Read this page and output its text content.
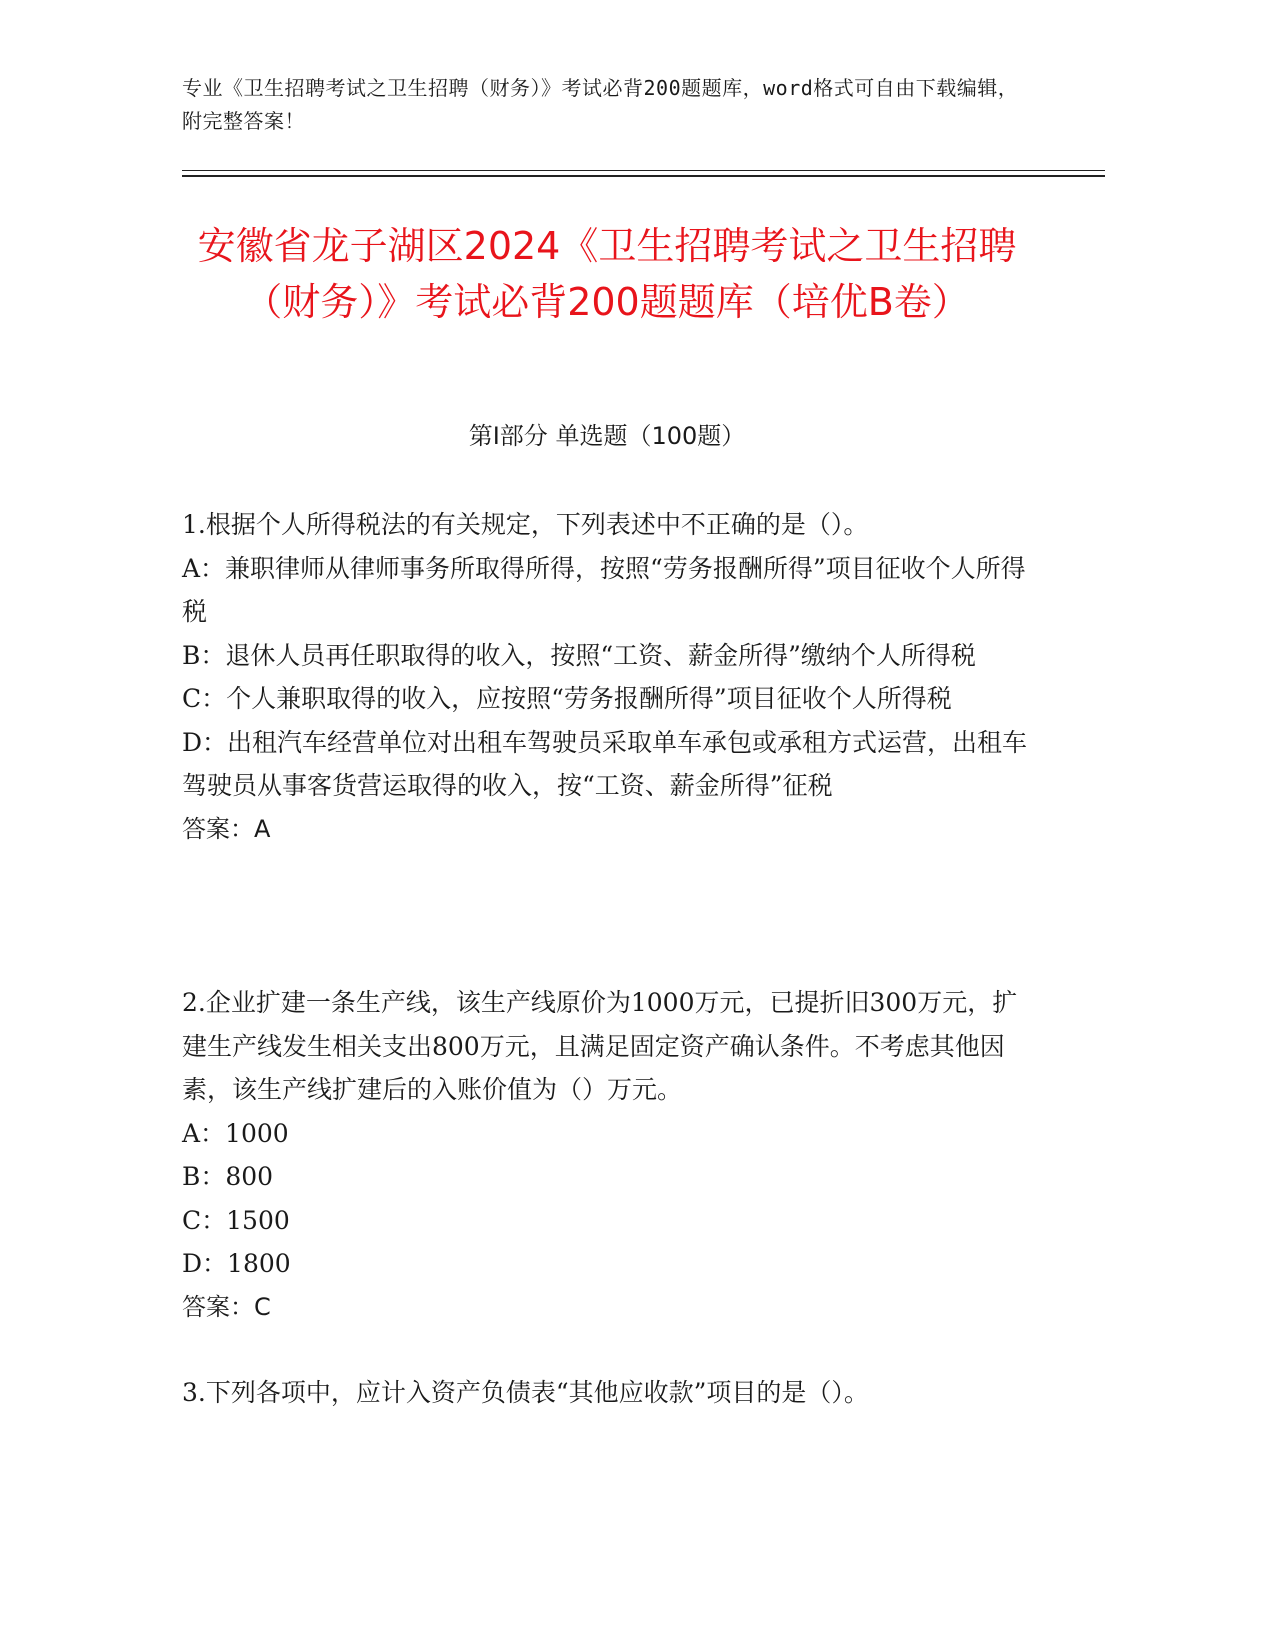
专业《卫生招聘考试之卫生招聘（财务）》考试必背200题题库，word格式可自由下载编辑，附完整答案！
安徽省龙子湖区2024《卫生招聘考试之卫生招聘（财务）》考试必背200题题库（培优B卷）
第Ⅰ部分 单选题（100题）

1.根据个人所得税法的有关规定，下列表述中不正确的是（）。

A：兼职律师从律师事务所取得所得，按照“劳务报酬所得”项目征收个人所得税

B：退休人员再任职取得的收入，按照“工资、薪金所得”缴纳个人所得税

C：个人兼职取得的收入，应按照“劳务报酬所得”项目征收个人所得税

D：出租汽车经营单位对出租车驾驶员采取单车承包或承租方式运营，出租车驾驶员从事客货营运取得的收入，按“工资、薪金所得”征税

答案：A

2.企业扩建一条生产线，该生产线原价为1000万元，已提折旧300万元，扩建生产线发生相关支出800万元，且满足固定资产确认条件。不考虑其他因素，该生产线扩建后的入账价值为（）万元。

A：1000

B：800

C：1500

D：1800

答案：C

3.下列各项中，应计入资产负债表“其他应收款”项目的是（）。
